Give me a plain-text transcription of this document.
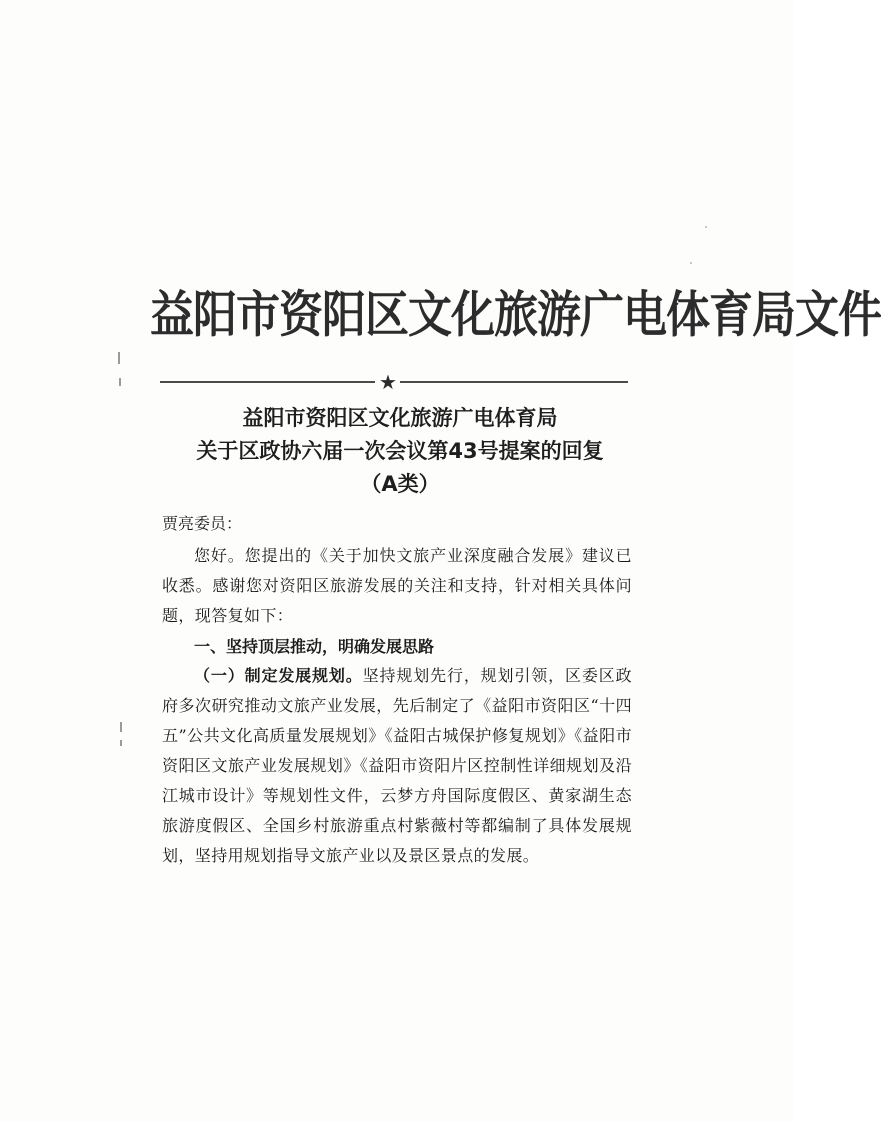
益阳市资阳区文化旅游广电体育局文件
★
益阳市资阳区文化旅游广电体育局
关于区政协六届一次会议第43号提案的回复
（A类）
贾亮委员：
您好。您提出的《关于加快文旅产业深度融合发展》建议已收悉。感谢您对资阳区旅游发展的关注和支持，针对相关具体问题，现答复如下：
一、坚持顶层推动，明确发展思路
（一）制定发展规划。坚持规划先行，规划引领，区委区政府多次研究推动文旅产业发展，先后制定了《益阳市资阳区“十四五”公共文化高质量发展规划》《益阳古城保护修复规划》《益阳市资阳区文旅产业发展规划》《益阳市资阳片区控制性详细规划及沿江城市设计》等规划性文件，云梦方舟国际度假区、黄家湖生态旅游度假区、全国乡村旅游重点村紫薇村等都编制了具体发展规划，坚持用规划指导文旅产业以及景区景点的发展。
